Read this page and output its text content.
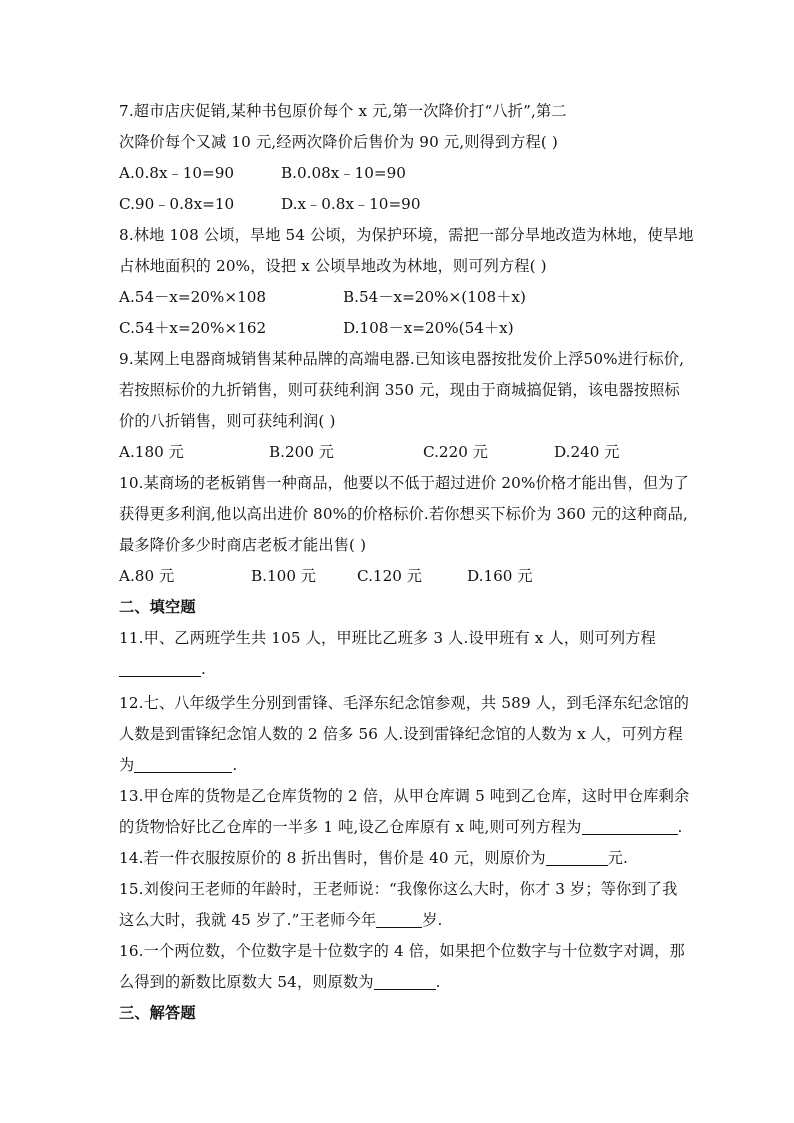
7.超市店庆促销,某种书包原价每个 x 元,第一次降价打“八折”,第二
次降价每个又减 10 元,经两次降价后售价为 90 元,则得到方程( )
A.0.8x﹣10=90	B.0.08x﹣10=90
C.90﹣0.8x=10	D.x﹣0.8x﹣10=90
8.林地 108 公顷，旱地 54 公顷，为保护环境，需把一部分旱地改造为林地，使旱地
占林地面积的 20%，设把 x 公顷旱地改为林地，则可列方程( )
A.54－x=20%×108	B.54－x=20%×(108＋x)
C.54＋x=20%×162	D.108－x=20%(54＋x)
9.某网上电器商城销售某种品牌的高端电器.已知该电器按批发价上浮50%进行标价,
若按照标价的九折销售，则可获纯利润 350 元，现由于商城搞促销，该电器按照标
价的八折销售，则可获纯利润( )
A.180 元	B.200 元	C.220 元	D.240 元
10.某商场的老板销售一种商品，他要以不低于超过进价 20%价格才能出售，但为了
获得更多利润,他以高出进价 80%的价格标价.若你想买下标价为 360 元的这种商品,
最多降价多少时商店老板才能出售( )
A.80 元	B.100 元	C.120 元	D.160 元
二、填空题
11.甲、乙两班学生共 105 人，甲班比乙班多 3 人.设甲班有 x 人，则可列方程
.
12.七、八年级学生分别到雷锋、毛泽东纪念馆参观，共 589 人，到毛泽东纪念馆的
人数是到雷锋纪念馆人数的 2 倍多 56 人.设到雷锋纪念馆的人数为 x 人，可列方程
为	.
13.甲仓库的货物是乙仓库货物的 2 倍，从甲仓库调 5 吨到乙仓库，这时甲仓库剩余
的货物恰好比乙仓库的一半多 1 吨,设乙仓库原有 x 吨,则可列方程为	.
14.若一件衣服按原价的 8 折出售时，售价是 40 元，则原价为	元.
15.刘俊问王老师的年龄时，王老师说：“我像你这么大时，你才 3 岁；等你到了我
这么大时，我就 45 岁了.”王老师今年	岁.
16.一个两位数，个位数字是十位数字的 4 倍，如果把个位数字与十位数字对调，那
么得到的新数比原数大 54，则原数为	.
三、解答题
